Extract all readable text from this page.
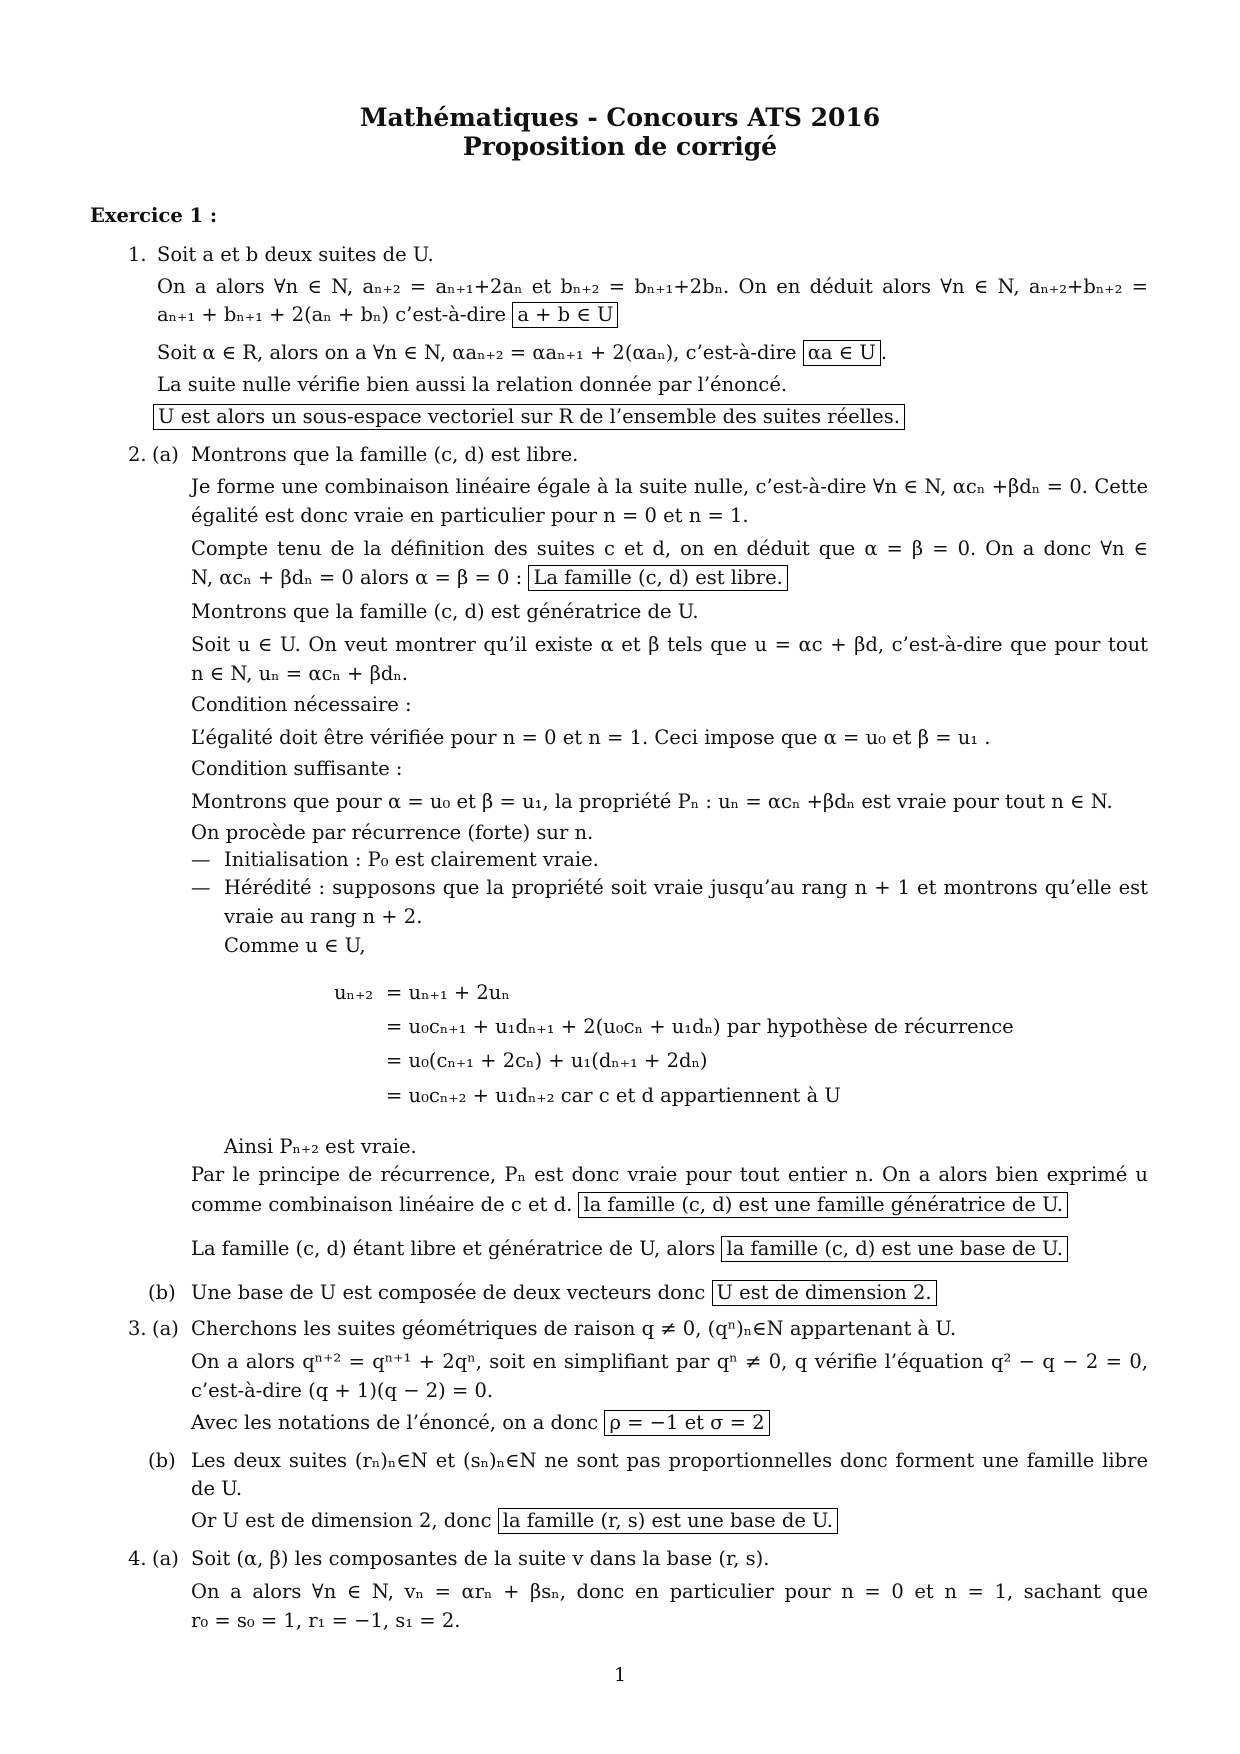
Mathématiques - Concours ATS 2016
Proposition de corrigé
Exercice 1 :
1. Soit a et b deux suites de U.
On a alors ∀n ∈ N, aₙ₊₂ = aₙ₊₁+2aₙ et bₙ₊₂ = bₙ₊₁+2bₙ. On en déduit alors ∀n ∈ N, aₙ₊₂+bₙ₊₂ =
aₙ₊₁ + bₙ₊₁ + 2(aₙ + bₙ) c’est-à-dire a + b ∈ U
Soit α ∈ R, alors on a ∀n ∈ N, αaₙ₊₂ = αaₙ₊₁ + 2(αaₙ), c’est-à-dire αa ∈ U .
La suite nulle vérifie bien aussi la relation donnée par l’énoncé.
U est alors un sous-espace vectoriel sur R de l’ensemble des suites réelles.
2. (a) Montrons que la famille (c, d) est libre.
Je forme une combinaison linéaire égale à la suite nulle, c’est-à-dire ∀n ∈ N, αcₙ +βdₙ = 0. Cette
égalité est donc vraie en particulier pour n = 0 et n = 1.
Compte tenu de la définition des suites c et d, on en déduit que α = β = 0. On a donc ∀n ∈
N, αcₙ + βdₙ = 0 alors α = β = 0 : La famille (c, d) est libre.
Montrons que la famille (c, d) est génératrice de U.
Soit u ∈ U. On veut montrer qu’il existe α et β tels que u = αc + βd, c’est-à-dire que pour tout
n ∈ N, uₙ = αcₙ + βdₙ.
Condition nécessaire :
L’égalité doit être vérifiée pour n = 0 et n = 1. Ceci impose que α = u₀ et β = u₁ .
Condition suffisante :
Montrons que pour α = u₀ et β = u₁, la propriété Pₙ : uₙ = αcₙ +βdₙ est vraie pour tout n ∈ N.
On procède par récurrence (forte) sur n.
— Initialisation : P₀ est clairement vraie.
— Hérédité : supposons que la propriété soit vraie jusqu’au rang n + 1 et montrons qu’elle est
vraie au rang n + 2.
Comme u ∈ U,
uₙ₊₂ = uₙ₊₁ + 2uₙ
= u₀cₙ₊₁ + u₁dₙ₊₁ + 2(u₀cₙ + u₁dₙ) par hypothèse de récurrence
= u₀(cₙ₊₁ + 2cₙ) + u₁(dₙ₊₁ + 2dₙ)
= u₀cₙ₊₂ + u₁dₙ₊₂ car c et d appartiennent à U
Ainsi Pₙ₊₂ est vraie.
Par le principe de récurrence, Pₙ est donc vraie pour tout entier n. On a alors bien exprimé u
comme combinaison linéaire de c et d. la famille (c, d) est une famille génératrice de U.
La famille (c, d) étant libre et génératrice de U, alors la famille (c, d) est une base de U.
(b) Une base de U est composée de deux vecteurs donc U est de dimension 2.
3. (a) Cherchons les suites géométriques de raison q ≠ 0, (qⁿ)ₙ∈N appartenant à U.
On a alors qⁿ⁺² = qⁿ⁺¹ + 2qⁿ, soit en simplifiant par qⁿ ≠ 0, q vérifie l’équation q² − q − 2 = 0,
c’est-à-dire (q + 1)(q − 2) = 0.
Avec les notations de l’énoncé, on a donc ρ = −1 et σ = 2
(b) Les deux suites (rₙ)ₙ∈N et (sₙ)ₙ∈N ne sont pas proportionnelles donc forment une famille libre
de U.
Or U est de dimension 2, donc la famille (r, s) est une base de U.
4. (a) Soit (α, β) les composantes de la suite v dans la base (r, s).
On a alors ∀n ∈ N, vₙ = αrₙ + βsₙ, donc en particulier pour n = 0 et n = 1, sachant que
r₀ = s₀ = 1, r₁ = −1, s₁ = 2.
1
